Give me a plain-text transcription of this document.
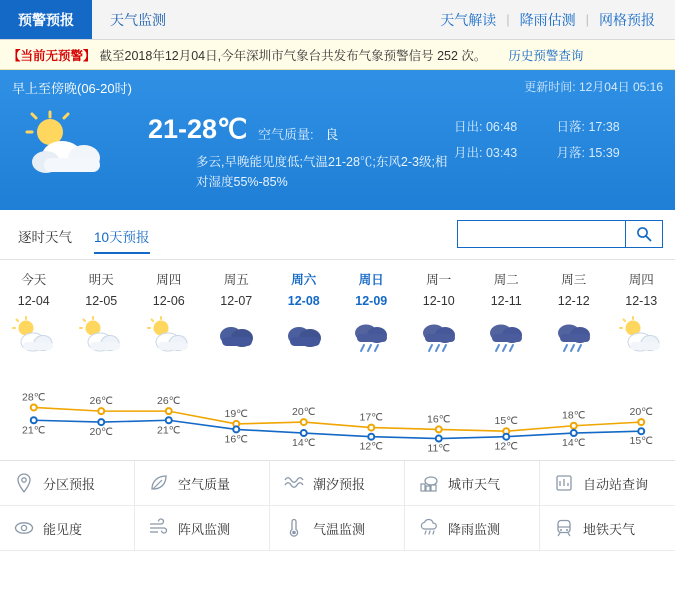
预警预报	天气监测	天气解读 | 降雨估测 | 网格预报
【当前无预警】 截至2018年12月04日,今年深圳市气象台共发布气象预警信号 252 次。 历史预警查询
早上至傍晚(06-20时)	更新时间: 12月04日 05:16
21-28℃ 空气质量: 良
多云,早晚能见度低;气温21-28℃;东风2-3级;相对湿度55%-85%
日出: 06:48	日落: 17:38
月出: 03:43	月落: 15:39
逐时天气 10天预报
今天
12-04
明天
12-05
周四
12-06
周五
12-07
周六
12-08
周日
12-09
周一
12-10
周二
12-11
周三
12-12
周四
12-13
28℃	26℃	26℃
19℃	20℃	17℃	16℃	15℃	18℃	20℃
21℃	20℃	21℃
16℃	14℃	12℃	11℃	12℃	14℃	15℃
分区预报	空气质量	潮汐预报	城市天气	自动站查询
能见度	阵风监测	气温监测	降雨监测	地铁天气
